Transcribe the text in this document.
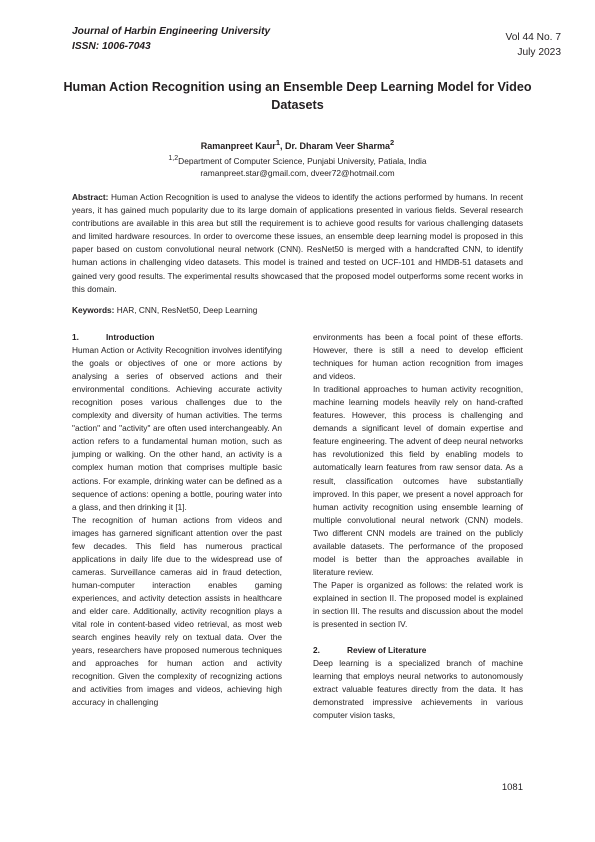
Journal of Harbin Engineering University
ISSN: 1006-7043
Vol 44 No. 7
July 2023
Human Action Recognition using an Ensemble Deep Learning Model for Video Datasets
Ramanpreet Kaur$^1$, Dr. Dharam Veer Sharma$^2$
$^{1,2}$Department of Computer Science, Punjabi University, Patiala, India
ramanpreet.star@gmail.com, dveer72@hotmail.com

Abstract: Human Action Recognition is used to analyse the videos to identify the actions performed by humans. In recent years, it has gained much popularity due to its large domain of applications presented in various fields. Several research contributions are available in this area but still the requirement is to achieve good results for various challenging datasets and limited hardware resources. In order to overcome these issues, an ensemble deep learning model is proposed in this paper based on custom convolutional neural network (CNN). ResNet50 is merged with a handcrafted CNN, to identify human actions in challenging video datasets. This model is trained and tested on UCF-101 and HMDB-51 datasets and gained very good results. The experimental results showcased that the proposed model outperforms some recent works in this domain.

Keywords: HAR, CNN, ResNet50, Deep Learning

1.	Introduction

Human Action or Activity Recognition involves identifying the goals or objectives of one or more actions by analysing a series of observed actions and their environmental conditions. Achieving accurate activity recognition poses various challenges due to the complexity and diversity of human activities. The terms "action" and "activity" are often used interchangeably. An action refers to a fundamental human motion, such as jumping or walking. On the other hand, an activity is a complex human motion that comprises multiple basic actions. For example, drinking water can be defined as a sequence of actions: opening a bottle, pouring water into a glass, and then drinking it [1].

The recognition of human actions from videos and images has garnered significant attention over the past few decades. This field has numerous practical applications in daily life due to the widespread use of cameras. Surveillance cameras aid in fraud detection, human-computer interaction enables gaming experiences, and activity detection assists in healthcare and elder care. Additionally, activity recognition plays a vital role in content-based video retrieval, as most web search engines heavily rely on textual data. Over the years, researchers have proposed numerous techniques and approaches for human action and activity recognition. Given the complexity of recognizing actions and activities from images and videos, achieving high accuracy in challenging

environments has been a focal point of these efforts. However, there is still a need to develop efficient techniques for human action recognition from images and videos.

In traditional approaches to human activity recognition, machine learning models heavily rely on hand-crafted features. However, this process is challenging and demands a significant level of domain expertise and feature engineering. The advent of deep neural networks has revolutionized this field by enabling models to automatically learn features from raw sensor data. As a result, classification outcomes have substantially improved. In this paper, we present a novel approach for human activity recognition using ensemble learning of multiple convolutional neural network (CNN) models. Two different CNN models are trained on the publicly available datasets. The performance of the proposed model is better than the approaches available in literature review.

The Paper is organized as follows: the related work is explained in section II. The proposed model is explained in section III. The results and discussion about the model is presented in section IV.

2.	Review of Literature

Deep learning is a specialized branch of machine learning that employs neural networks to autonomously extract valuable features directly from the data. It has demonstrated impressive achievements in various computer vision tasks,

1081
